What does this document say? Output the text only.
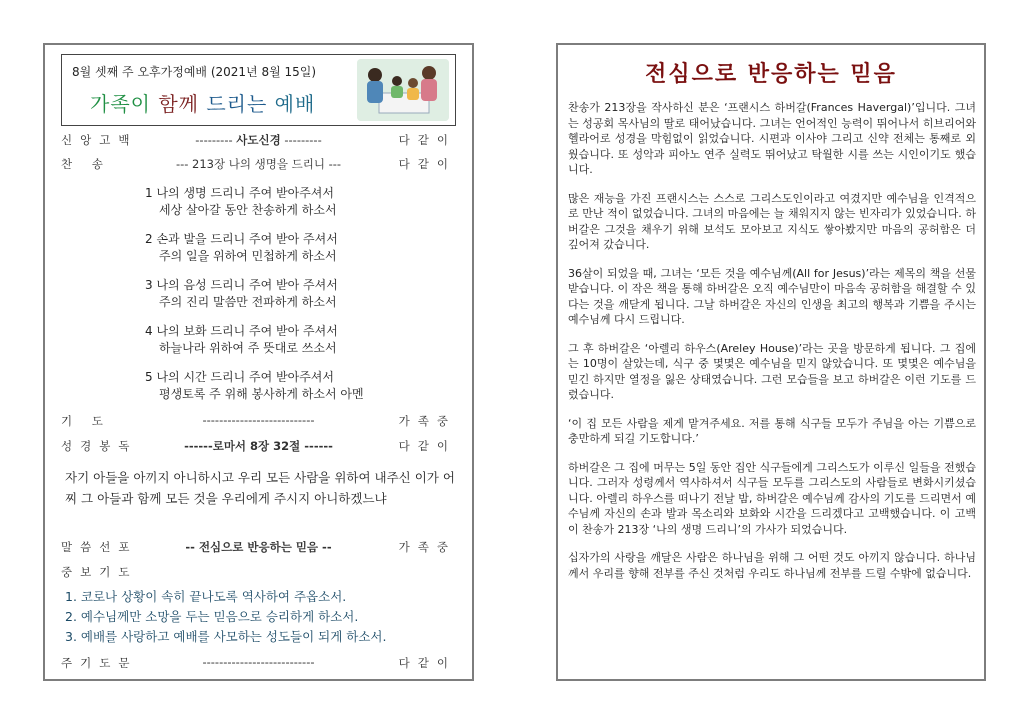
8월 셋째 주 오후가정예배 (2021년 8월 15일)
가족이 함께 드리는 예배
신앙고백	--------- 사도신경 ---------	다같이
찬 송	--- 213장 나의 생명을 드리니 ---	다같이
1 나의 생명 드리니 주여 받아주셔서
세상 살아갈 동안 찬송하게 하소서
2 손과 발을 드리니 주여 받아 주셔서
주의 일을 위하여 민첩하게 하소서
3 나의 음성 드리니 주여 받아 주셔서
주의 진리 말씀만 전파하게 하소서
4 나의 보화 드리니 주여 받아 주셔서
하늘나라 위하여 주 뜻대로 쓰소서
5 나의 시간 드리니 주여 받아주셔서
평생토록 주 위해 봉사하게 하소서 아멘
기 도	---------------------------	가족중
성경봉독	------로마서 8장 32절 ------	다같이
자기 아들을 아끼지 아니하시고 우리 모든 사람을 위하여 내주신 이가 어찌 그 아들과 함께 모든 것을 우리에게 주시지 아니하겠느냐
말씀선포	-- 전심으로 반응하는 믿음 --	가족중
중보기도
1. 코로나 상황이 속히 끝나도록 역사하여 주옵소서.
2. 예수님께만 소망을 두는 믿음으로 승리하게 하소서.
3. 예배를 사랑하고 예배를 사모하는 성도들이 되게 하소서.
주기도문	---------------------------	다같이
전심으로 반응하는 믿음

찬송가 213장을 작사하신 분은 ‘프랜시스 하버갈(Frances Havergal)’입니다. 그녀는 성공회 목사님의 딸로 태어났습니다. 그녀는 언어적인 능력이 뛰어나서 히브리어와 헬라어로 성경을 막힘없이 읽었습니다. 시편과 이사야 그리고 신약 전체는 통째로 외웠습니다. 또 성악과 피아노 연주 실력도 뛰어났고 탁월한 시를 쓰는 시인이기도 했습니다.

많은 재능을 가진 프랜시스는 스스로 그리스도인이라고 여겼지만 예수님을 인격적으로 만난 적이 없었습니다. 그녀의 마음에는 늘 채워지지 않는 빈자리가 있었습니다. 하버갈은 그것을 채우기 위해 보석도 모아보고 지식도 쌓아봤지만 마음의 공허함은 더 깊어져 갔습니다.

36살이 되었을 때, 그녀는 ‘모든 것을 예수님께(All for Jesus)’라는 제목의 책을 선물 받습니다. 이 작은 책을 통해 하버갈은 오직 예수님만이 마음속 공허함을 해결할 수 있다는 것을 깨닫게 됩니다. 그날 하버갈은 자신의 인생을 최고의 행복과 기쁨을 주시는 예수님께 다시 드립니다.

그 후 하버갈은 ‘아렐리 하우스(Areley House)’라는 곳을 방문하게 됩니다. 그 집에는 10명이 살았는데, 식구 중 몇몇은 예수님을 믿지 않았습니다. 또 몇몇은 예수님을 믿긴 하지만 열정을 잃은 상태였습니다. 그런 모습들을 보고 하버갈은 이런 기도를 드렸습니다.

‘이 집 모든 사람을 제게 맡겨주세요. 저를 통해 식구들 모두가 주님을 아는 기쁨으로 충만하게 되길 기도합니다.’

하버갈은 그 집에 머무는 5일 동안 집안 식구들에게 그리스도가 이루신 일들을 전했습니다. 그러자 성령께서 역사하셔서 식구들 모두를 그리스도의 사람들로 변화시키셨습니다. 아렐리 하우스를 떠나기 전날 밤, 하버갈은 예수님께 감사의 기도를 드리면서 예수님께 자신의 손과 발과 목소리와 보화와 시간을 드리겠다고 고백했습니다. 이 고백이 찬송가 213장 ‘나의 생명 드리니’의 가사가 되었습니다.

십자가의 사랑을 깨달은 사람은 하나님을 위해 그 어떤 것도 아끼지 않습니다. 하나님께서 우리를 향해 전부를 주신 것처럼 우리도 하나님께 전부를 드릴 수밖에 없습니다.
